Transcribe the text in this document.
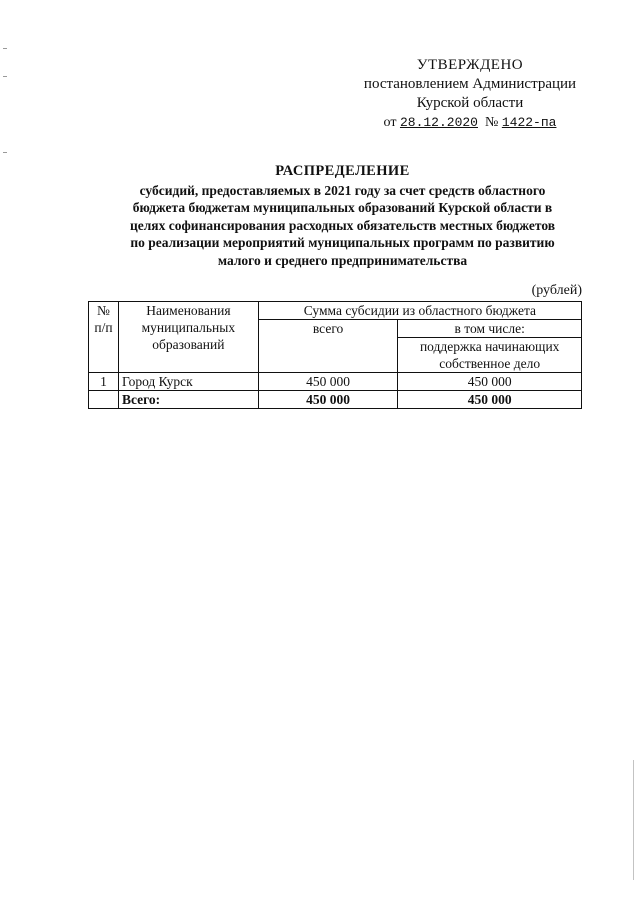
УТВЕРЖДЕНО
постановлением Администрации
Курской области
от 28.12.2020 № 1422-па
РАСПРЕДЕЛЕНИЕ
субсидий, предоставляемых в 2021 году за счет средств областного
бюджета бюджетам муниципальных образований Курской области в
целях софинансирования расходных обязательств местных бюджетов
по реализации мероприятий муниципальных программ по развитию
малого и среднего предпринимательства
(рублей)
№ п/п	Наименования муниципальных образований	Сумма субсидии из областного бюджета	
		всего	в том числе:
			поддержка начинающих собственное дело
1	Город Курск	450 000	450 000
	Всего:	450 000	450 000
